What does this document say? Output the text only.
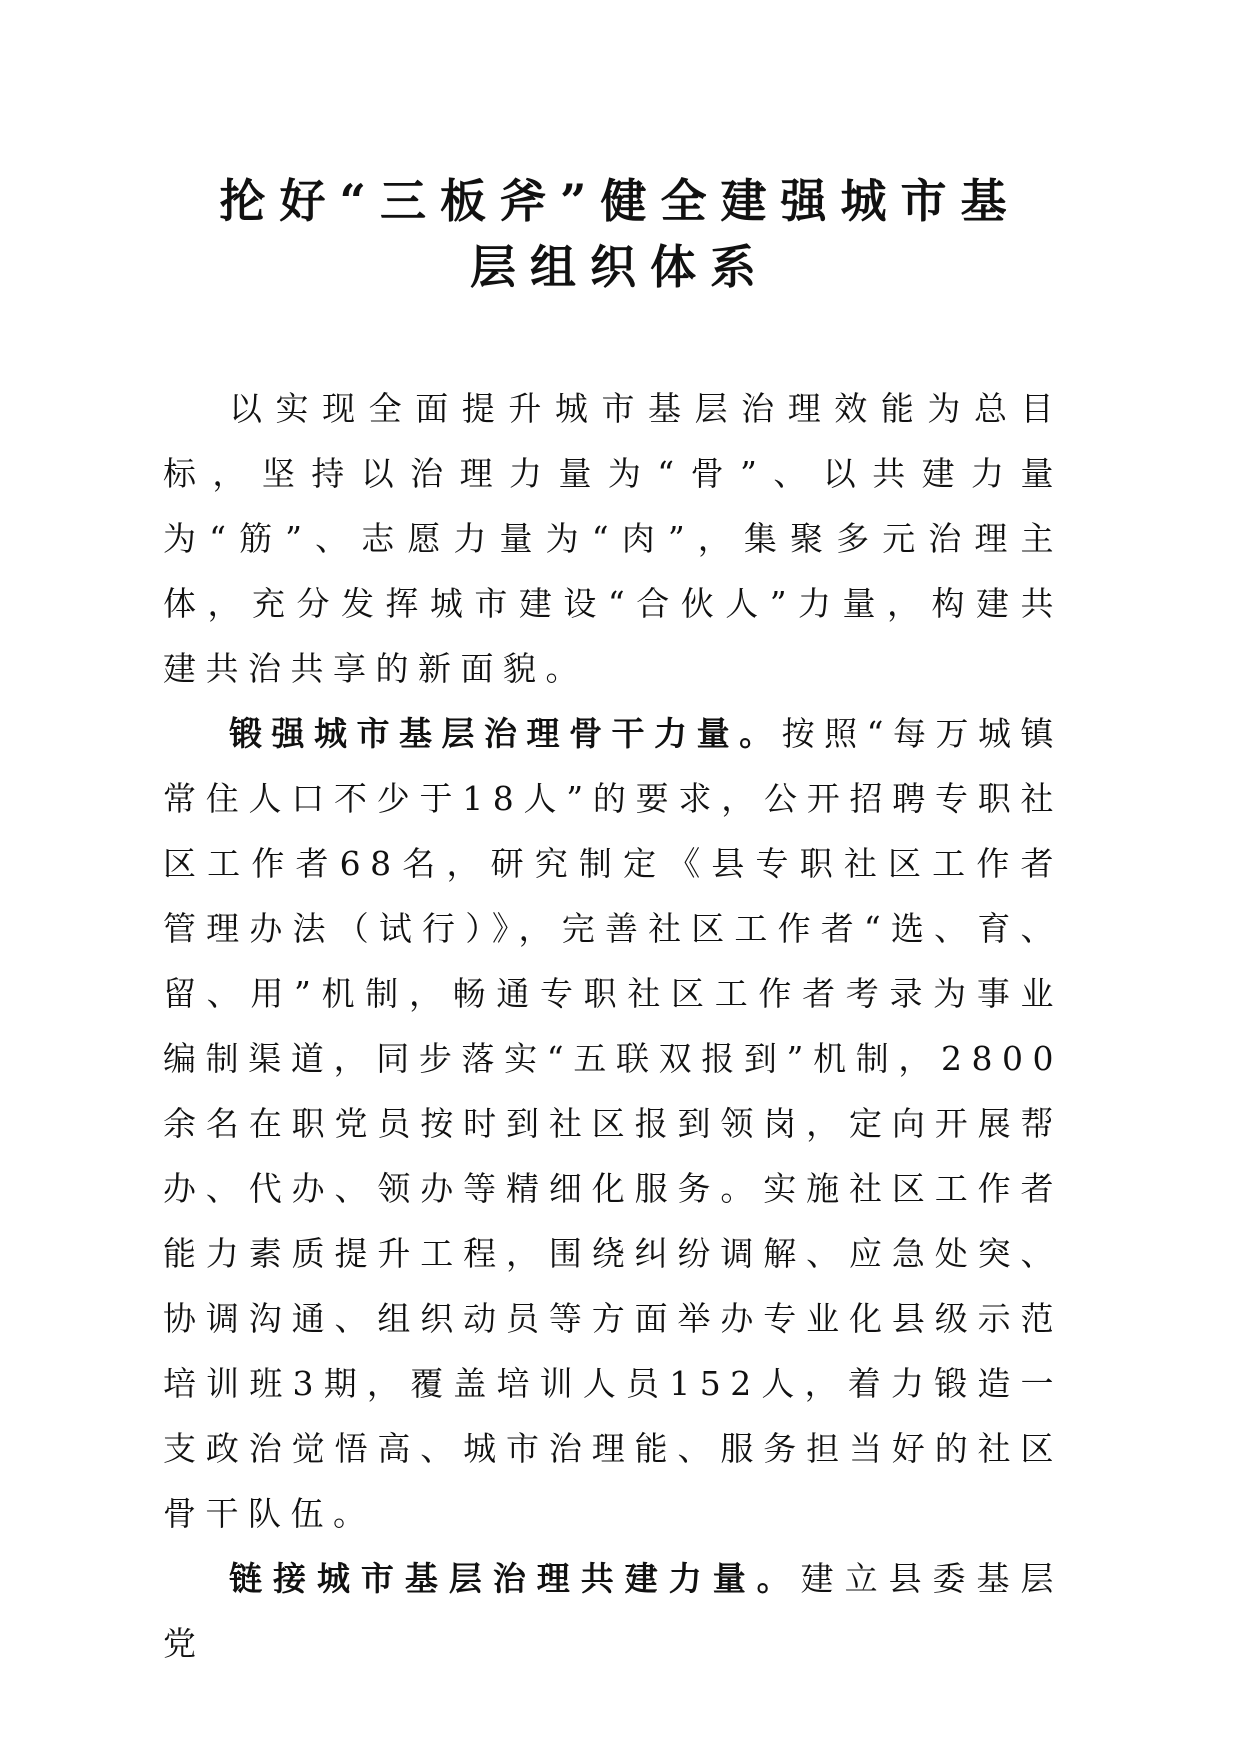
抡好“三板斧”健全建强城市基
层组织体系

以实现全面提升城市基层治理效能为总目标，坚持以治理力量为“骨”、以共建力量为“筋”、志愿力量为“肉”，集聚多元治理主体，充分发挥城市建设“合伙人”力量，构建共建共治共享的新面貌。

锻强城市基层治理骨干力量。按照“每万城镇常住人口不少于18人”的要求，公开招聘专职社区工作者68名，研究制定《县专职社区工作者管理办法（试行）》，完善社区工作者“选、育、留、用”机制，畅通专职社区工作者考录为事业编制渠道，同步落实“五联双报到”机制，2800余名在职党员按时到社区报到领岗，定向开展帮办、代办、领办等精细化服务。实施社区工作者能力素质提升工程，围绕纠纷调解、应急处突、协调沟通、组织动员等方面举办专业化县级示范培训班3期，覆盖培训人员152人，着力锻造一支政治觉悟高、城市治理能、服务担当好的社区骨干队伍。

链接城市基层治理共建力量。建立县委基层党
